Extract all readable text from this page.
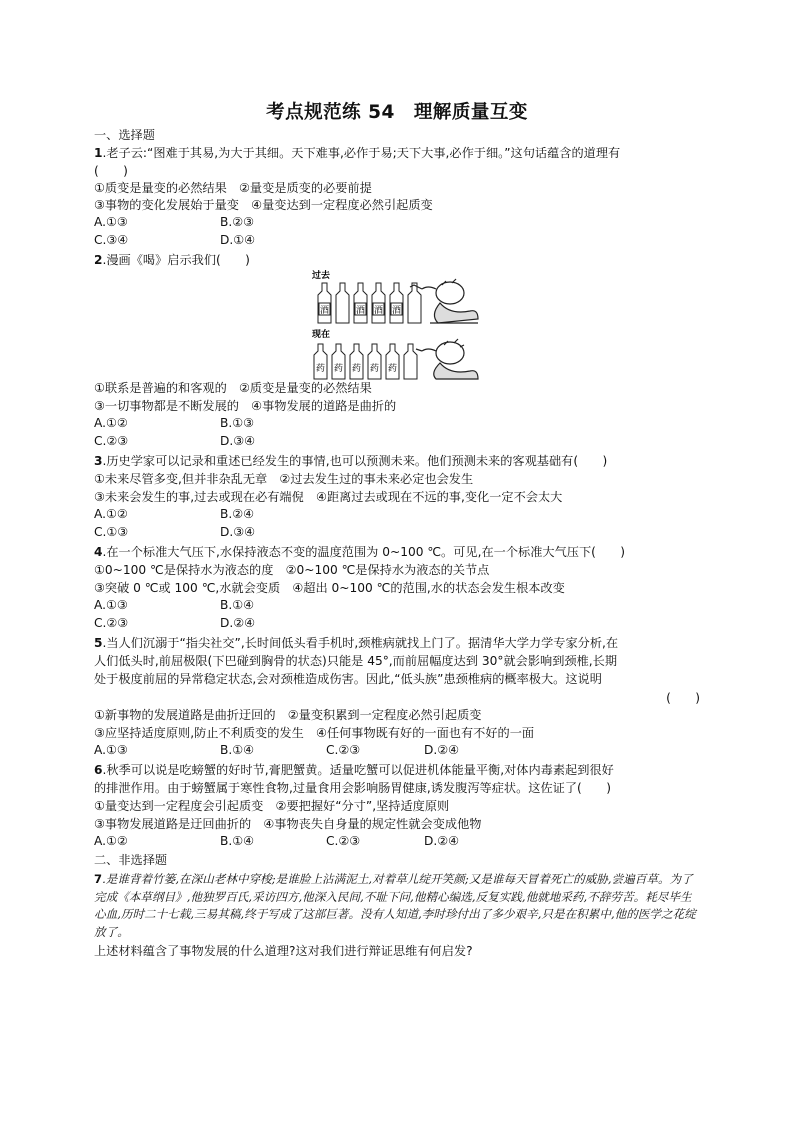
考点规范练 54　理解质量互变
一、选择题
1.老子云:“图难于其易,为大于其细。天下难事,必作于易;天下大事,必作于细。”这句话蕴含的道理有
(　　)
①质变是量变的必然结果　②量变是质变的必要前提
③事物的变化发展始于量变　④量变达到一定程度必然引起质变
A.①③	B.②③
C.③④	D.①④
2.漫画《喝》启示我们(　　)
过去
酒	酒 酒 酒
现在
药 药 药 药 药
①联系是普遍的和客观的　②质变是量变的必然结果
③一切事物都是不断发展的　④事物发展的道路是曲折的
A.①②	B.①③
C.②③	D.③④
3.历史学家可以记录和重述已经发生的事情,也可以预测未来。他们预测未来的客观基础有(　　)
①未来尽管多变,但并非杂乱无章　②过去发生过的事未来必定也会发生
③未来会发生的事,过去或现在必有端倪　④距离过去或现在不远的事,变化一定不会太大
A.①②	B.②④
C.①③	D.③④
4.在一个标准大气压下,水保持液态不变的温度范围为 0~100 ℃。可见,在一个标准大气压下(　　)
①0~100 ℃是保持水为液态的度　②0~100 ℃是保持水为液态的关节点
③突破 0 ℃或 100 ℃,水就会变质　④超出 0~100 ℃的范围,水的状态会发生根本改变
A.①③	B.①④
C.②③	D.②④
5.当人们沉溺于“指尖社交”,长时间低头看手机时,颈椎病就找上门了。据清华大学力学专家分析,在
人们低头时,前屈极限(下巴碰到胸骨的状态)只能是 45°,而前屈幅度达到 30°就会影响到颈椎,长期
处于极度前屈的异常稳定状态,会对颈椎造成伤害。因此,“低头族”患颈椎病的概率极大。这说明
(　　)
①新事物的发展道路是曲折迂回的　②量变积累到一定程度必然引起质变
③应坚持适度原则,防止不利质变的发生　④任何事物既有好的一面也有不好的一面
A.①③	B.①④	C.②③	D.②④
6.秋季可以说是吃螃蟹的好时节,膏肥蟹黄。适量吃蟹可以促进机体能量平衡,对体内毒素起到很好
的排泄作用。由于螃蟹属于寒性食物,过量食用会影响肠胃健康,诱发腹泻等症状。这佐证了(　　)
①量变达到一定程度会引起质变　②要把握好“分寸”,坚持适度原则
③事物发展道路是迂回曲折的　④事物丧失自身量的规定性就会变成他物
A.①②	B.①④	C.②③	D.②④
二、非选择题
7.是谁背着竹篓,在深山老林中穿梭;是谁脸上沾满泥土,对着草儿绽开笑颜;又是谁每天冒着死亡的威胁,尝遍百草。为了完成《本草纲目》,他独罗百氏,采访四方,他深入民间,不耻下问,他精心编选,反复实践,他就地采药,不辞劳苦。耗尽毕生心血,历时二十七载,三易其稿,终于写成了这部巨著。没有人知道,李时珍付出了多少艰辛,只是在积累中,他的医学之花绽放了。
上述材料蕴含了事物发展的什么道理?这对我们进行辩证思维有何启发?
